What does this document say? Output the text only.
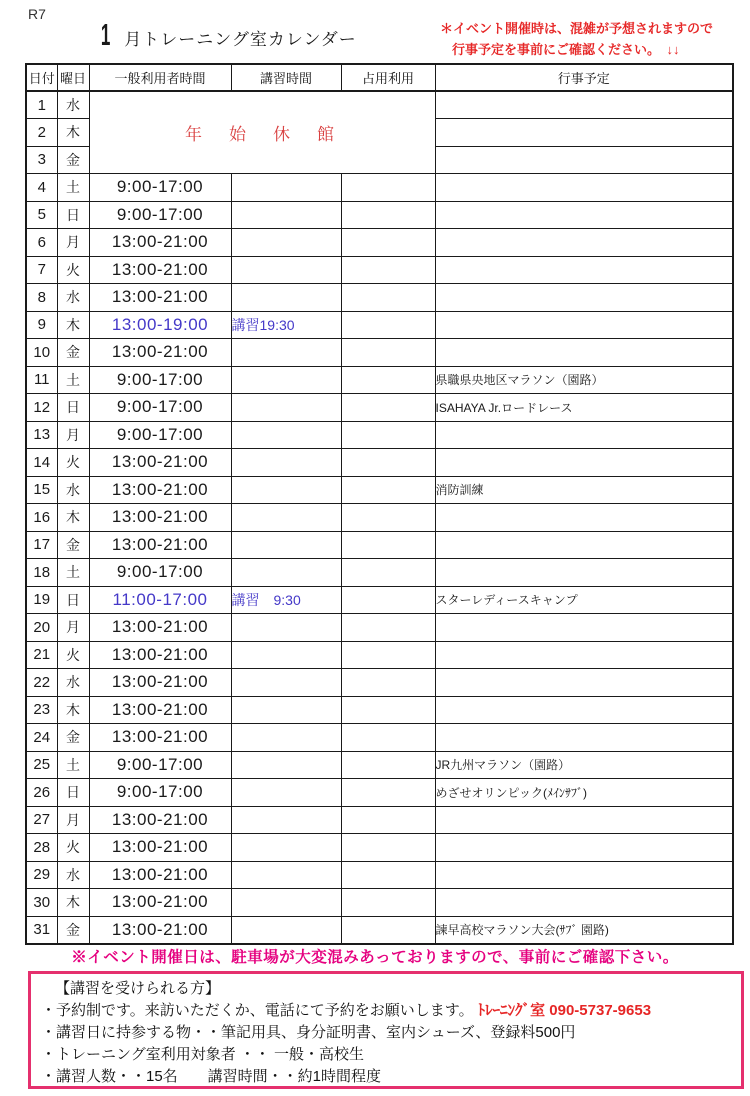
R7
1 月トレーニング室カレンダー
＊イベント開催時は、混雑が予想されますので
行事予定を事前にご確認ください。　↓↓
日付	曜日	一般利用者時間	講習時間	占用利用	行事予定
1	水	年　始　休　館			
2	木				
3	金				
4	土	9:00-17:00			
5	日	9:00-17:00			
6	月	13:00-21:00			
7	火	13:00-21:00			
8	水	13:00-21:00			
9	木	13:00-19:00	講習19:30		
10	金	13:00-21:00			
11	土	9:00-17:00			県職県央地区マラソン（園路）
12	日	9:00-17:00			ISAHAYA Jr.ロードレース
13	月	9:00-17:00			
14	火	13:00-21:00			
15	水	13:00-21:00			消防訓練
16	木	13:00-21:00			
17	金	13:00-21:00			
18	土	9:00-17:00			
19	日	11:00-17:00	講習　9:30		スターレディースキャンプ
20	月	13:00-21:00			
21	火	13:00-21:00			
22	水	13:00-21:00			
23	木	13:00-21:00			
24	金	13:00-21:00			
25	土	9:00-17:00			JR九州マラソン（園路）
26	日	9:00-17:00			めざせオリンピック(ﾒｲﾝｻﾌﾞ)
27	月	13:00-21:00			
28	火	13:00-21:00			
29	水	13:00-21:00			
30	木	13:00-21:00			
31	金	13:00-21:00			諫早高校マラソン大会(ｻﾌﾞ 園路)
※イベント開催日は、駐車場が大変混みあっておりますので、事前にご確認下さい。
【講習を受けられる方】
・予約制です。来訪いただくか、電話にて予約をお願いします。 ﾄﾚｰﾆﾝｸﾞ室 090-5737-9653
・講習日に持参する物・・筆記用具、身分証明書、室内シューズ、登録料500円
・トレーニング室利用対象者 ・・ 一般・高校生
・講習人数・・15名　　講習時間・・約1時間程度
